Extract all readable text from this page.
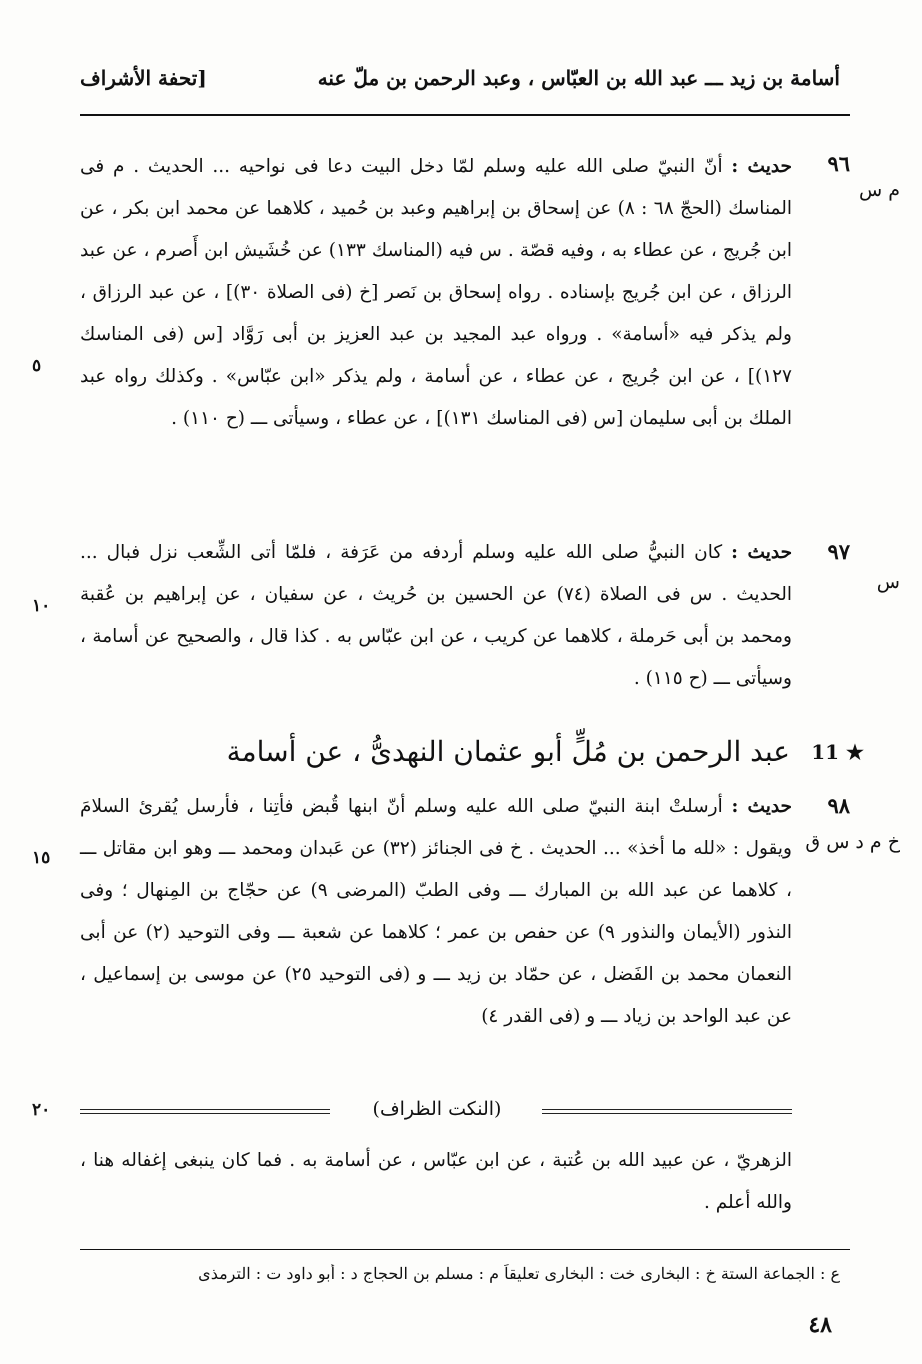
أسامة بن زيد ـــ عبد الله بن العبّاس ، وعبد الرحمن بن ملّ عنه
[تحفة الأشراف
٩٦
م س
حديث : أنّ النبيّ صلى الله عليه وسلم لمّا دخل البيت دعا فى نواحيه ... الحديث . م فى المناسك (الحجّ ٦٨ : ٨) عن إسحاق بن إبراهيم وعبد بن حُميد ، كلاهما عن محمد ابن بكر ، عن ابن جُريج ، عن عطاء به ، وفيه قصّة . س فيه (المناسك ١٣٣) عن خُشَيش ابن أَصرم ، عن عبد الرزاق ، عن ابن جُريج بإسناده . رواه إسحاق بن نَصر [خ (فى الصلاة ٣٠)] ، عن عبد الرزاق ، ولم يذكر فيه «أسامة» . ورواه عبد المجيد بن عبد العزيز بن أبى رَوَّاد [س (فى المناسك ١٢٧)] ، عن ابن جُريج ، عن عطاء ، عن أسامة ، ولم يذكر «ابن عبّاس» . وكذلك رواه عبد الملك بن أبى سليمان [س (فى المناسك ١٣١)] ، عن عطاء ، وسيأتى ـــ (ح ١١٠) .
٩٧
س
حديث : كان النبيُّ صلى الله عليه وسلم أردفه من عَرَفة ، فلمّا أتى الشِّعب نزل فبال ... الحديث . س فى الصلاة (٧٤) عن الحسين بن حُريث ، عن سفيان ، عن إبراهيم بن عُقبة ومحمد بن أبى حَرملة ، كلاهما عن كريب ، عن ابن عبّاس به . كذا قال ، والصحيح عن أسامة ، وسيأتى ـــ (ح ١١٥) .
عبد الرحمن بن مُلٍّ أبو عثمان النهدىُّ ، عن أسامة	11 ★
٩٨
خ م د س ق
حديث : أرسلتْ ابنة النبيّ صلى الله عليه وسلم أنّ ابنها قُبض فأتِنا ، فأرسل يُقرئ السلامَ ويقول : «لله ما أخذ» ... الحديث . خ فى الجنائز (٣٢) عن عَبدان ومحمد ـــ وهو ابن مقاتل ـــ ، كلاهما عن عبد الله بن المبارك ـــ وفى الطبّ (المرضى ٩) عن حجّاج بن المِنهال ؛ وفى النذور (الأيمان والنذور ٩) عن حفص بن عمر ؛ كلاهما عن شعبة ـــ وفى التوحيد (٢) عن أبى النعمان محمد بن الفَضل ، عن حمّاد بن زيد ـــ و (فى التوحيد ٢٥) عن موسى بن إسماعيل ، عن عبد الواحد بن زياد ـــ و (فى القدر ٤)
٥
١٠
١٥
٢٠	(النكت الظراف)
الزهريّ ، عن عبيد الله بن عُتبة ، عن ابن عبّاس ، عن أسامة به . فما كان ينبغى إغفاله هنا ، والله أعلم .
ع : الجماعة الستة خ : البخارى خت : البخارى تعليقاً م : مسلم بن الحجاج د : أبو داود ت : الترمذى
٤٨
